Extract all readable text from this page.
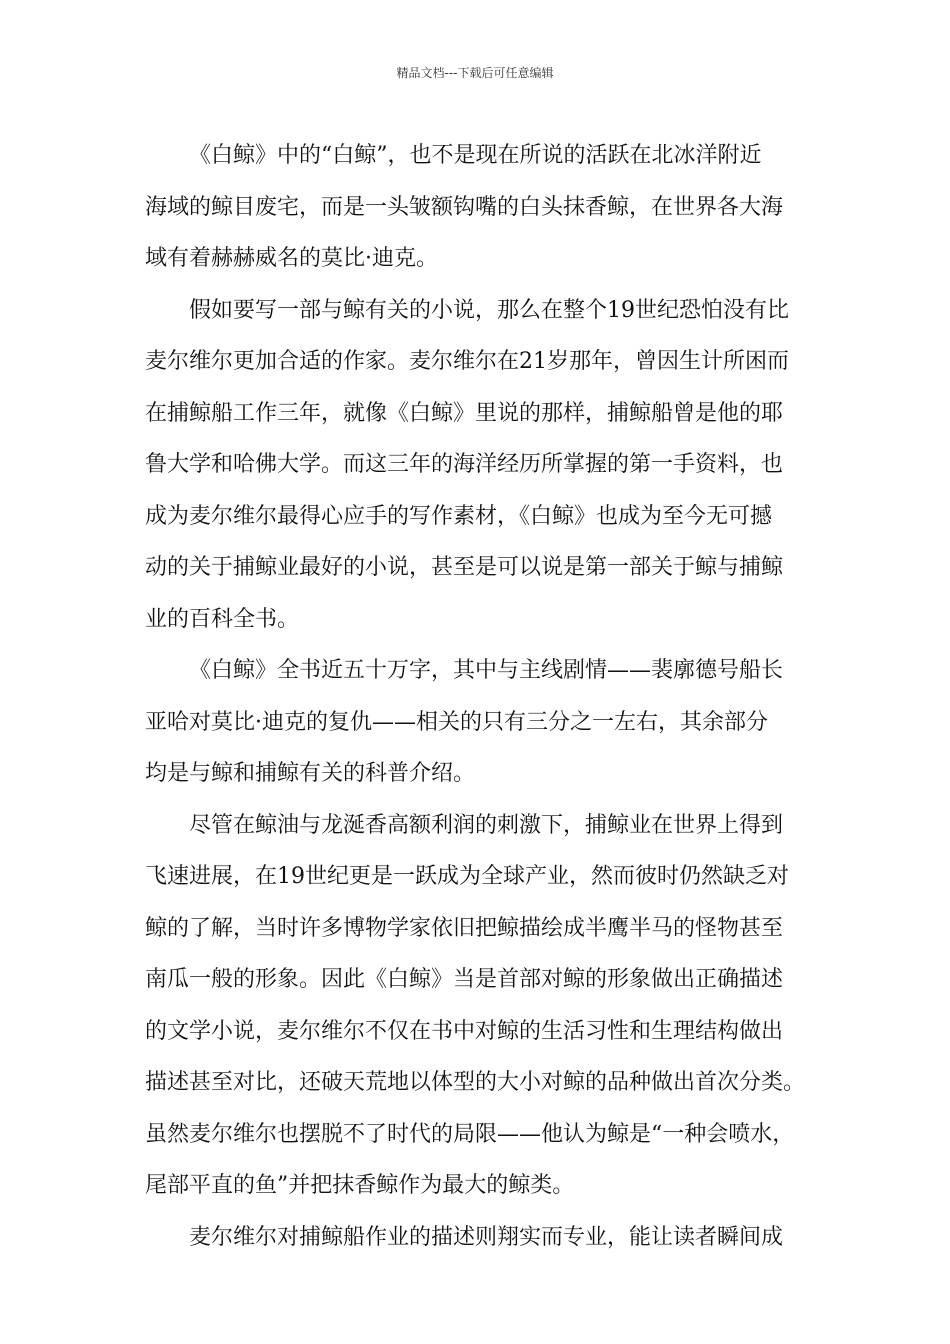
精品文档---下载后可任意编辑
《白鲸》中的“白鲸”，也不是现在所说的活跃在北冰洋附近
海域的鲸目废宅，而是一头皱额钩嘴的白头抹香鲸，在世界各大海
域有着赫赫威名的莫比·迪克。
假如要写一部与鲸有关的小说，那么在整个19世纪恐怕没有比
麦尔维尔更加合适的作家。麦尔维尔在21岁那年，曾因生计所困而
在捕鲸船工作三年，就像《白鲸》里说的那样，捕鲸船曾是他的耶
鲁大学和哈佛大学。而这三年的海洋经历所掌握的第一手资料，也
成为麦尔维尔最得心应手的写作素材，《白鲸》也成为至今无可撼
动的关于捕鲸业最好的小说，甚至是可以说是第一部关于鲸与捕鲸
业的百科全书。
《白鲸》全书近五十万字，其中与主线剧情——裴廓德号船长
亚哈对莫比·迪克的复仇——相关的只有三分之一左右，其余部分
均是与鲸和捕鲸有关的科普介绍。
尽管在鲸油与龙涎香高额利润的刺激下，捕鲸业在世界上得到
飞速进展，在19世纪更是一跃成为全球产业，然而彼时仍然缺乏对
鲸的了解，当时许多博物学家依旧把鲸描绘成半鹰半马的怪物甚至
南瓜一般的形象。因此《白鲸》当是首部对鲸的形象做出正确描述
的文学小说，麦尔维尔不仅在书中对鲸的生活习性和生理结构做出
描述甚至对比，还破天荒地以体型的大小对鲸的品种做出首次分类。
虽然麦尔维尔也摆脱不了时代的局限——他认为鲸是“一种会喷水，
尾部平直的鱼”并把抹香鲸作为最大的鲸类。
麦尔维尔对捕鲸船作业的描述则翔实而专业，能让读者瞬间成
